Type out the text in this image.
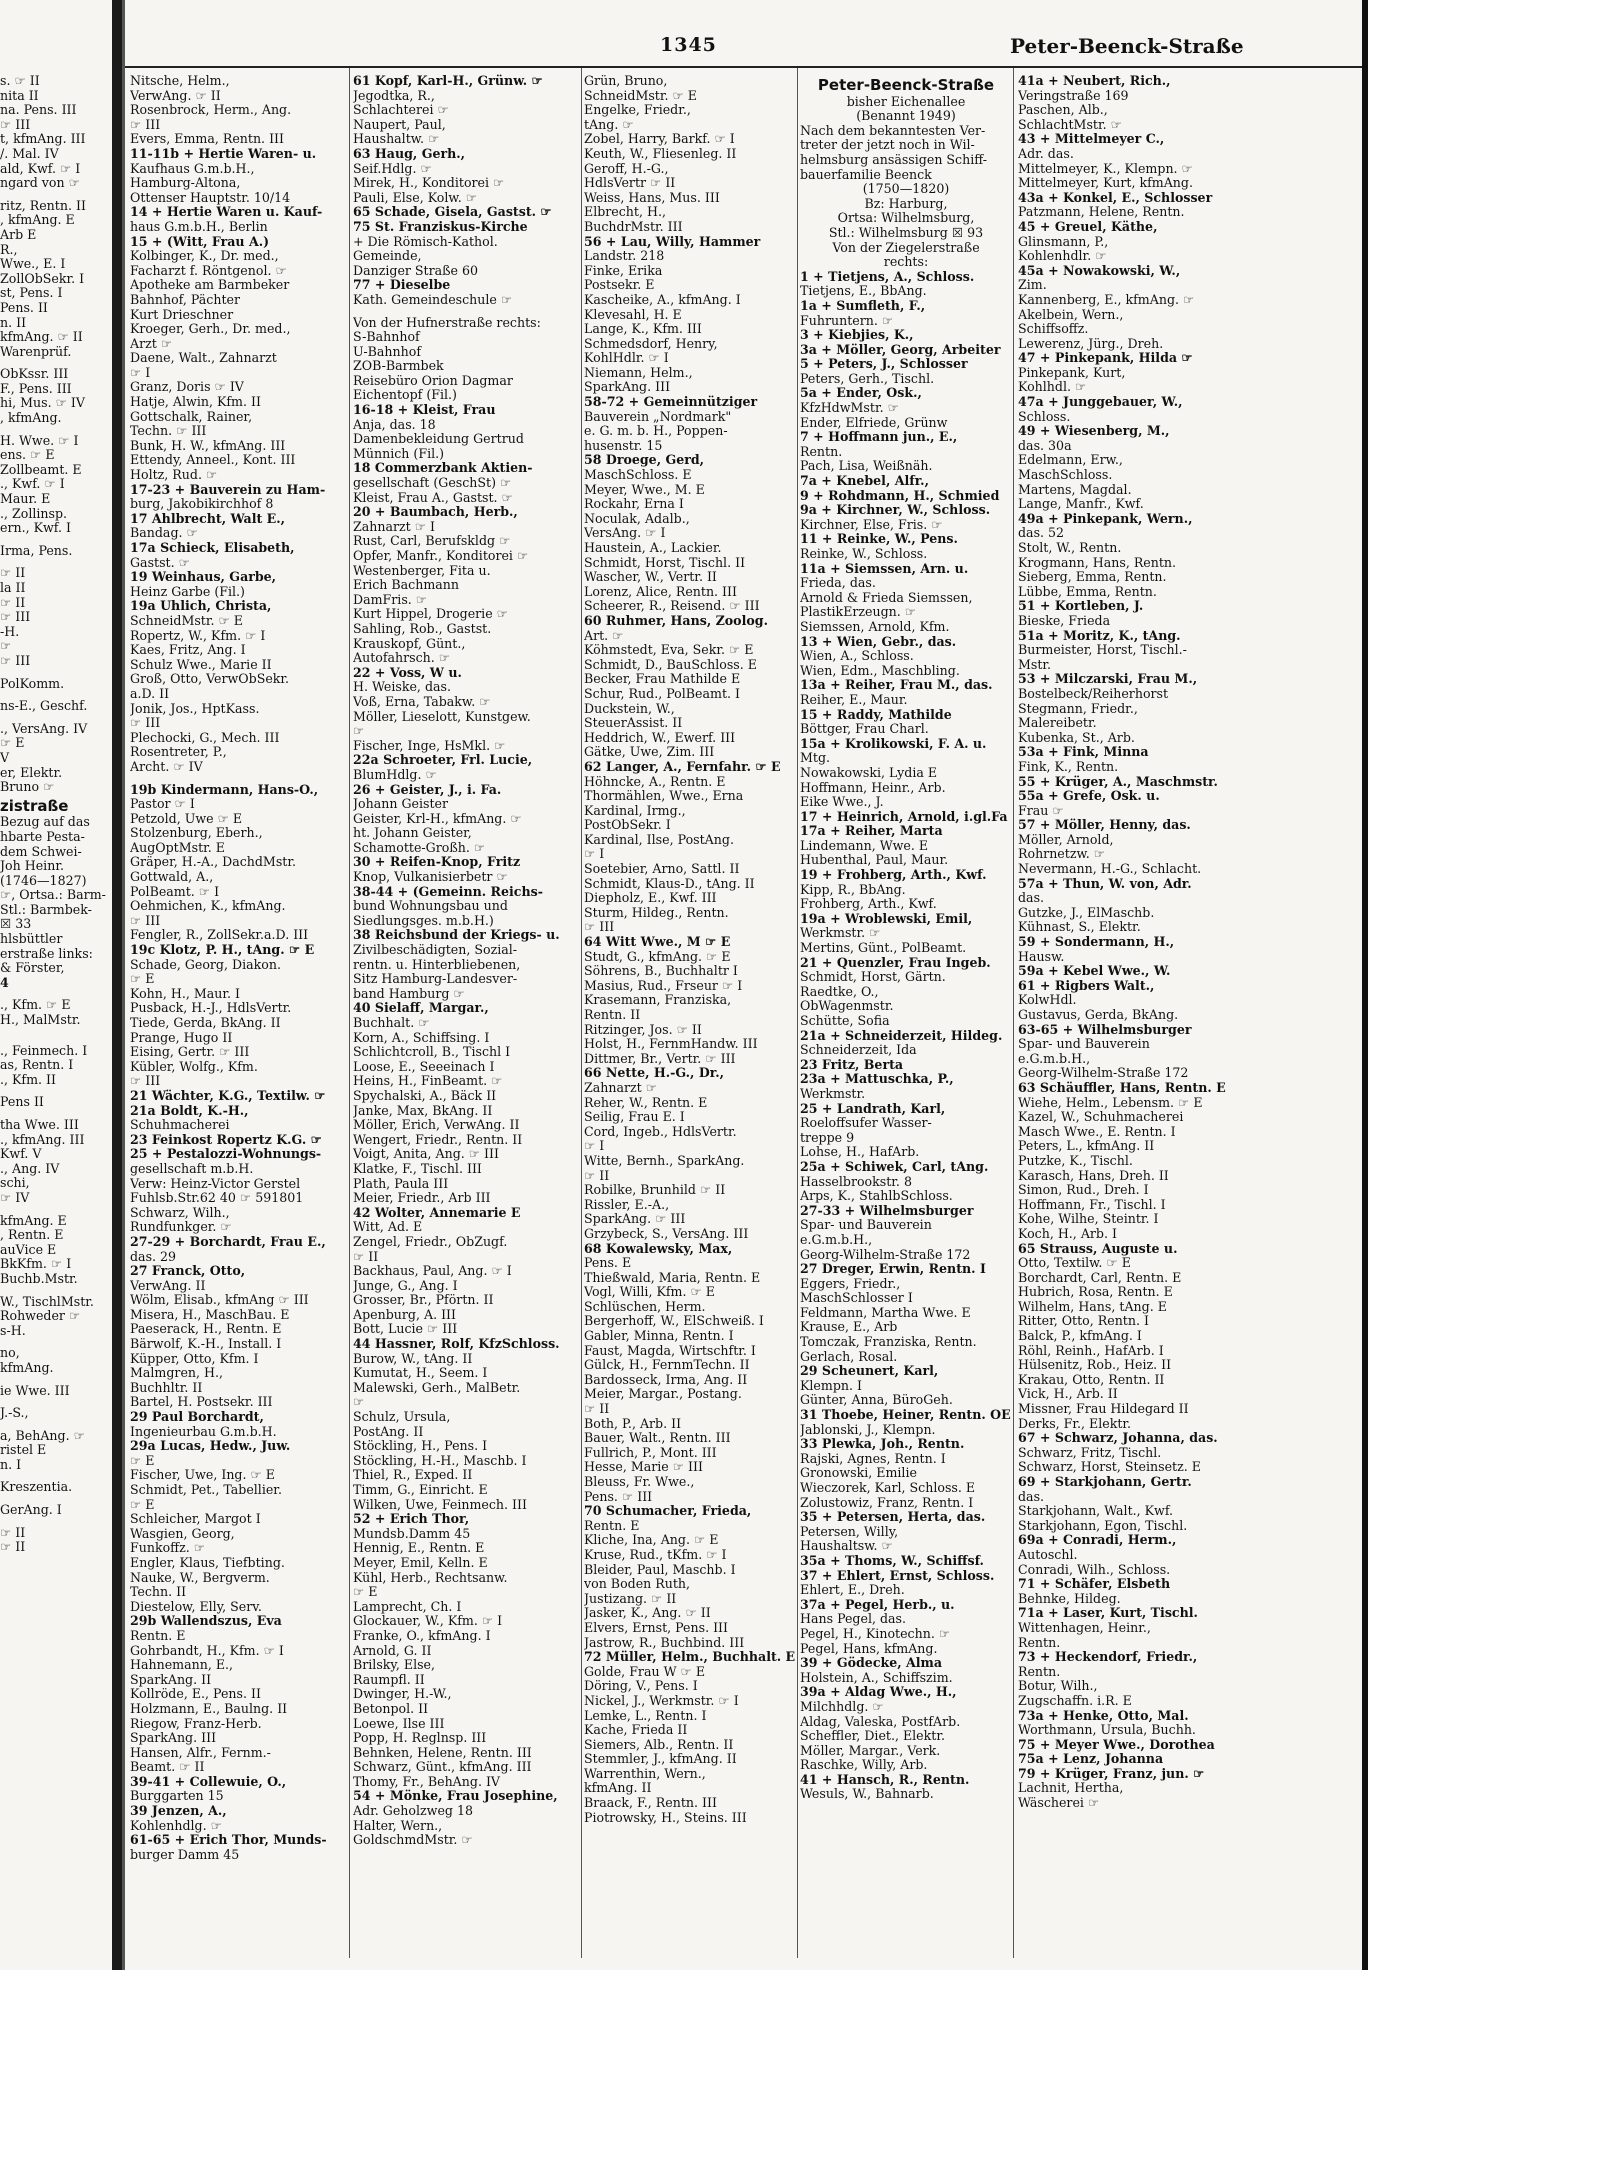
1345	Peter-Beenck-Straße
s. ☞ II
nita II
na. Pens. III
☞ III
t, kfmAng. III
/. Mal. IV
ald, Kwf. ☞ I
ngard von ☞
ritz, Rentn. II
, kfmAng. E
Arb E
R.,
Wwe., E. I
ZollObSekr. I
st, Pens. I
Pens. II
n. II
kfmAng. ☞ II
Warenprüf.
ObKssr. III
F., Pens. III
hi, Mus. ☞ IV
, kfmAng.
H. Wwe. ☞ I
ens. ☞ E
Zollbeamt. E
., Kwf. ☞ I
Maur. E
., Zollinsp.
ern., Kwf. I
Irma, Pens.
☞ II
la II
☞ II
☞ III
-H.
☞
☞ III
PolKomm.
ns-E., Geschf.
., VersAng. IV
☞ E
V
er, Elektr.
Bruno ☞
zistraße
Bezug auf das
hbarte Pesta-
dem Schwei-
Joh Heinr.
(1746—1827)
☞, Ortsa.: Barm-
Stl.: Barmbek-
☒ 33
hlsbüttler
erstraße links:
& Förster,
4
., Kfm. ☞ E
H., MalMstr.
., Feinmech. I
as, Rentn. I
., Kfm. II
Pens II
tha Wwe. III
., kfmAng. III
Kwf. V
., Ang. IV
schi,
☞ IV
kfmAng. E
, Rentn. E
auVice E
BkKfm. ☞ I
Buchb.Mstr.
W., TischlMstr.
Rohweder ☞
s-H.
no,
kfmAng.
ie Wwe. III
J.-S.,
a, BehAng. ☞
ristel E
n. I
Kreszentia.
GerAng. I
☞ II
☞ II
Nitsche, Helm.,
VerwAng. ☞ II
Rosenbrock, Herm., Ang.
☞ III
Evers, Emma, Rentn. III
11-11b + Hertie Waren- u.
Kaufhaus G.m.b.H.,
Hamburg-Altona,
Ottenser Hauptstr. 10/14
14 + Hertie Waren u. Kauf-
haus G.m.b.H., Berlin
15 + (Witt, Frau A.)
Kolbinger, K., Dr. med.,
Facharzt f. Röntgenol. ☞
Apotheke am Barmbeker
Bahnhof, Pächter
Kurt Drieschner
Kroeger, Gerh., Dr. med.,
Arzt ☞
Daene, Walt., Zahnarzt
☞ I
Granz, Doris ☞ IV
Hatje, Alwin, Kfm. II
Gottschalk, Rainer,
Techn. ☞ III
Bunk, H. W., kfmAng. III
Ettendy, Anneel., Kont. III
Holtz, Rud. ☞
17-23 + Bauverein zu Ham-
burg, Jakobikirchhof 8
17 Ahlbrecht, Walt E.,
Bandag. ☞
17a Schieck, Elisabeth,
Gastst. ☞
19 Weinhaus, Garbe,
Heinz Garbe (Fil.)
19a Uhlich, Christa,
SchneidMstr. ☞ E
Ropertz, W., Kfm. ☞ I
Kaes, Fritz, Ang. I
Schulz Wwe., Marie II
Groß, Otto, VerwObSekr.
a.D. II
Jonik, Jos., HptKass.
☞ III
Plechocki, G., Mech. III
Rosentreter, P.,
Archt. ☞ IV
19b Kindermann, Hans-O.,
Pastor ☞ I
Petzold, Uwe ☞ E
Stolzenburg, Eberh.,
AugOptMstr. E
Gräper, H.-A., DachdMstr.
Gottwald, A.,
PolBeamt. ☞ I
Oehmichen, K., kfmAng.
☞ III
Fengler, R., ZollSekr.a.D. III
19c Klotz, P. H., tAng. ☞ E
Schade, Georg, Diakon.
☞ E
Kohn, H., Maur. I
Pusback, H.-J., HdlsVertr.
Tiede, Gerda, BkAng. II
Prange, Hugo II
Eising, Gertr. ☞ III
Kübler, Wolfg., Kfm.
☞ III
21 Wächter, K.G., Textilw. ☞
21a Boldt, K.-H.,
Schuhmacherei
23 Feinkost Ropertz K.G. ☞
25 + Pestalozzi-Wohnungs-
gesellschaft m.b.H.
Verw: Heinz-Victor Gerstel
Fuhlsb.Str.62 40 ☞ 591801
Schwarz, Wilh.,
Rundfunkger. ☞
27-29 + Borchardt, Frau E.,
das. 29
27 Franck, Otto,
VerwAng. II
Wölm, Elisab., kfmAng ☞ III
Misera, H., MaschBau. E
Paeserack, H., Rentn. E
Bärwolf, K.-H., Install. I
Küpper, Otto, Kfm. I
Malmgren, H.,
Buchhltr. II
Bartel, H. Postsekr. III
29 Paul Borchardt,
Ingenieurbau G.m.b.H.
29a Lucas, Hedw., Juw.
☞ E
Fischer, Uwe, Ing. ☞ E
Schmidt, Pet., Tabellier.
☞ E
Schleicher, Margot I
Wasgien, Georg,
Funkoffz. ☞
Engler, Klaus, Tiefbting.
Nauke, W., Bergverm.
Techn. II
Diestelow, Elly, Serv.
29b Wallendszus, Eva
Rentn. E
Gohrbandt, H., Kfm. ☞ I
Hahnemann, E.,
SparkAng. II
Kollröde, E., Pens. II
Holzmann, E., Baulng. II
Riegow, Franz-Herb.
SparkAng. III
Hansen, Alfr., Fernm.-
Beamt. ☞ II
39-41 + Collewuie, O.,
Burggarten 15
39 Jenzen, A.,
Kohlenhdlg. ☞
61-65 + Erich Thor, Munds-
burger Damm 45
61 Kopf, Karl-H., Grünw. ☞
Jegodtka, R.,
Schlachterei ☞
Naupert, Paul,
Haushaltw. ☞
63 Haug, Gerh.,
Seif.Hdlg. ☞
Mirek, H., Konditorei ☞
Pauli, Else, Kolw. ☞
65 Schade, Gisela, Gastst. ☞
75 St. Franziskus-Kirche
+ Die Römisch-Kathol.
Gemeinde,
Danziger Straße 60
77 + Dieselbe
Kath. Gemeindeschule ☞
Von der Hufnerstraße rechts:
S-Bahnhof
U-Bahnhof
ZOB-Barmbek
Reisebüro Orion Dagmar
Eichentopf (Fil.)
16-18 + Kleist, Frau
Anja, das. 18
Damenbekleidung Gertrud
Münnich (Fil.)
18 Commerzbank Aktien-
gesellschaft (GeschSt) ☞
Kleist, Frau A., Gastst. ☞
20 + Baumbach, Herb.,
Zahnarzt ☞ I
Rust, Carl, Berufskldg ☞
Opfer, Manfr., Konditorei ☞
Westenberger, Fita u.
Erich Bachmann
DamFris. ☞
Kurt Hippel, Drogerie ☞
Sahling, Rob., Gastst.
Krauskopf, Günt.,
Autofahrsch. ☞
22 + Voss, W u.
H. Weiske, das.
Voß, Erna, Tabakw. ☞
Möller, Lieselott, Kunstgew.
☞
Fischer, Inge, HsMkl. ☞
22a Schroeter, Frl. Lucie,
BlumHdlg. ☞
26 + Geister, J., i. Fa.
Johann Geister
Geister, Krl-H., kfmAng. ☞
ht. Johann Geister,
Schamotte-Großh. ☞
30 + Reifen-Knop, Fritz
Knop, Vulkanisierbetr ☞
38-44 + (Gemeinn. Reichs-
bund Wohnungsbau und
Siedlungsges. m.b.H.)
38 Reichsbund der Kriegs- u.
Zivilbeschädigten, Sozial-
rentn. u. Hinterbliebenen,
Sitz Hamburg-Landesver-
band Hamburg ☞
40 Sielaff, Margar.,
Buchhalt. ☞
Korn, A., Schiffsing. I
Schlichtcroll, B., Tischl I
Loose, E., Seeeinach I
Heins, H., FinBeamt. ☞
Spychalski, A., Bäck II
Janke, Max, BkAng. II
Möller, Erich, VerwAng. II
Wengert, Friedr., Rentn. II
Voigt, Anita, Ang. ☞ III
Klatke, F., Tischl. III
Plath, Paula III
Meier, Friedr., Arb III
42 Wolter, Annemarie E
Witt, Ad. E
Zengel, Friedr., ObZugf.
☞ II
Backhaus, Paul, Ang. ☞ I
Junge, G., Ang. I
Grosser, Br., Pförtn. II
Apenburg, A. III
Bott, Lucie ☞ III
44 Hassner, Rolf, KfzSchloss.
Burow, W., tAng. II
Kumutat, H., Seem. I
Malewski, Gerh., MalBetr.
☞
Schulz, Ursula,
PostAng. II
Stöckling, H., Pens. I
Stöckling, H.-H., Maschb. I
Thiel, R., Exped. II
Timm, G., Einricht. E
Wilken, Uwe, Feinmech. III
52 + Erich Thor,
Mundsb.Damm 45
Hennig, E., Rentn. E
Meyer, Emil, Kelln. E
Kühl, Herb., Rechtsanw.
☞ E
Lamprecht, Ch. I
Glockauer, W., Kfm. ☞ I
Franke, O., kfmAng. I
Arnold, G. II
Brilsky, Else,
Raumpfl. II
Dwinger, H.-W.,
Betonpol. II
Loewe, Ilse III
Popp, H. Reglnsp. III
Behnken, Helene, Rentn. III
Schwarz, Günt., kfmAng. III
Thomy, Fr., BehAng. IV
54 + Mönke, Frau Josephine,
Adr. Geholzweg 18
Halter, Wern.,
GoldschmdMstr. ☞
Grün, Bruno,
SchneidMstr. ☞ E
Engelke, Friedr.,
tAng. ☞
Zobel, Harry, Barkf. ☞ I
Keuth, W., Fliesenleg. II
Geroff, H.-G.,
HdlsVertr ☞ II
Weiss, Hans, Mus. III
Elbrecht, H.,
BuchdrMstr. III
56 + Lau, Willy, Hammer
Landstr. 218
Finke, Erika
Postsekr. E
Kascheike, A., kfmAng. I
Klevesahl, H. E
Lange, K., Kfm. III
Schmedsdorf, Henry,
KohlHdlr. ☞ I
Niemann, Helm.,
SparkAng. III
58-72 + Gemeinnütziger
Bauverein „Nordmark"
e. G. m. b. H., Poppen-
husenstr. 15
58 Droege, Gerd,
MaschSchloss. E
Meyer, Wwe., M. E
Rockahr, Erna I
Noculak, Adalb.,
VersAng. ☞ I
Haustein, A., Lackier.
Schmidt, Horst, Tischl. II
Wascher, W., Vertr. II
Lorenz, Alice, Rentn. III
Scheerer, R., Reisend. ☞ III
60 Ruhmer, Hans, Zoolog.
Art. ☞
Köhmstedt, Eva, Sekr. ☞ E
Schmidt, D., BauSchloss. E
Becker, Frau Mathilde E
Schur, Rud., PolBeamt. I
Duckstein, W.,
SteuerAssist. II
Heddrich, W., Ewerf. III
Gätke, Uwe, Zim. III
62 Langer, A., Fernfahr. ☞ E
Höhncke, A., Rentn. E
Thormählen, Wwe., Erna
Kardinal, Irmg.,
PostObSekr. I
Kardinal, Ilse, PostAng.
☞ I
Soetebier, Arno, Sattl. II
Schmidt, Klaus-D., tAng. II
Diepholz, E., Kwf. III
Sturm, Hildeg., Rentn.
☞ III
64 Witt Wwe., M ☞ E
Studt, G., kfmAng. ☞ E
Söhrens, B., Buchhaltr I
Masius, Rud., Frseur ☞ I
Krasemann, Franziska,
Rentn. II
Ritzinger, Jos. ☞ II
Holst, H., FernmHandw. III
Dittmer, Br., Vertr. ☞ III
66 Nette, H.-G., Dr.,
Zahnarzt ☞
Reher, W., Rentn. E
Seilig, Frau E. I
Cord, Ingeb., HdlsVertr.
☞ I
Witte, Bernh., SparkAng.
☞ II
Robilke, Brunhild ☞ II
Rissler, E.-A.,
SparkAng. ☞ III
Grzybeck, S., VersAng. III
68 Kowalewsky, Max,
Pens. E
Thießwald, Maria, Rentn. E
Vogl, Willi, Kfm. ☞ E
Schlüschen, Herm.
Bergerhoff, W., ElSchweiß. I
Gabler, Minna, Rentn. I
Faust, Magda, Wirtschftr. I
Gülck, H., FernmTechn. II
Bardosseck, Irma, Ang. II
Meier, Margar., Postang.
☞ II
Both, P., Arb. II
Bauer, Walt., Rentn. III
Fullrich, P., Mont. III
Hesse, Marie ☞ III
Bleuss, Fr. Wwe.,
Pens. ☞ III
70 Schumacher, Frieda,
Rentn. E
Kliche, Ina, Ang. ☞ E
Kruse, Rud., tKfm. ☞ I
Bleider, Paul, Maschb. I
von Boden Ruth,
Justizang. ☞ II
Jasker, K., Ang. ☞ II
Elvers, Ernst, Pens. III
Jastrow, R., Buchbind. III
72 Müller, Helm., Buchhalt. E
Golde, Frau W ☞ E
Döring, V., Pens. I
Nickel, J., Werkmstr. ☞ I
Lemke, L., Rentn. I
Kache, Frieda II
Siemers, Alb., Rentn. II
Stemmler, J., kfmAng. II
Warrenthin, Wern.,
kfmAng. II
Braack, F., Rentn. III
Piotrowsky, H., Steins. III
Peter-Beenck-Straße
bisher Eichenallee
(Benannt 1949)
Nach dem bekanntesten Ver-
treter der jetzt noch in Wil-
helmsburg ansässigen Schiff-
bauerfamilie Beenck
(1750—1820)
Bz: Harburg,
Ortsa: Wilhelmsburg,
Stl.: Wilhelmsburg ☒ 93
Von der Ziegelerstraße
rechts:
1 + Tietjens, A., Schloss.
Tietjens, E., BbAng.
1a + Sumfleth, F.,
Fuhruntern. ☞
3 + Kiebjies, K.,
3a + Möller, Georg, Arbeiter
5 + Peters, J., Schlosser
Peters, Gerh., Tischl.
5a + Ender, Osk.,
KfzHdwMstr. ☞
Ender, Elfriede, Grünw
7 + Hoffmann jun., E.,
Rentn.
Pach, Lisa, Weißnäh.
7a + Knebel, Alfr.,
9 + Rohdmann, H., Schmied
9a + Kirchner, W., Schloss.
Kirchner, Else, Fris. ☞
11 + Reinke, W., Pens.
Reinke, W., Schloss.
11a + Siemssen, Arn. u.
Frieda, das.
Arnold & Frieda Siemssen,
PlastikErzeugn. ☞
Siemssen, Arnold, Kfm.
13 + Wien, Gebr., das.
Wien, A., Schloss.
Wien, Edm., Maschbling.
13a + Reiher, Frau M., das.
Reiher, E., Maur.
15 + Raddy, Mathilde
Böttger, Frau Charl.
15a + Krolikowski, F. A. u.
Mtg.
Nowakowski, Lydia E
Hoffmann, Heinr., Arb.
Eike Wwe., J.
17 + Heinrich, Arnold, i.gl.Fa
17a + Reiher, Marta
Lindemann, Wwe. E
Hubenthal, Paul, Maur.
19 + Frohberg, Arth., Kwf.
Kipp, R., BbAng.
Frohberg, Arth., Kwf.
19a + Wroblewski, Emil,
Werkmstr. ☞
Mertins, Günt., PolBeamt.
21 + Quenzler, Frau Ingeb.
Schmidt, Horst, Gärtn.
Raedtke, O.,
ObWagenmstr.
Schütte, Sofia
21a + Schneiderzeit, Hildeg.
Schneiderzeit, Ida
23 Fritz, Berta
23a + Mattuschka, P.,
Werkmstr.
25 + Landrath, Karl,
Roeloffsufer Wasser-
treppe 9
Lohse, H., HafArb.
25a + Schiwek, Carl, tAng.
Hasselbrookstr. 8
Arps, K., StahlbSchloss.
27-33 + Wilhelmsburger
Spar- und Bauverein
e.G.m.b.H.,
Georg-Wilhelm-Straße 172
27 Dreger, Erwin, Rentn. I
Eggers, Friedr.,
MaschSchlosser I
Feldmann, Martha Wwe. E
Krause, E., Arb
Tomczak, Franziska, Rentn.
Gerlach, Rosal.
29 Scheunert, Karl,
Klempn. I
Günter, Anna, BüroGeh.
31 Thoebe, Heiner, Rentn. OE
Jablonski, J., Klempn.
33 Plewka, Joh., Rentn.
Rajski, Agnes, Rentn. I
Gronowski, Emilie
Wieczorek, Karl, Schloss. E
Zolustowiz, Franz, Rentn. I
35 + Petersen, Herta, das.
Petersen, Willy,
Haushaltsw. ☞
35a + Thoms, W., Schiffsf.
37 + Ehlert, Ernst, Schloss.
Ehlert, E., Dreh.
37a + Pegel, Herb., u.
Hans Pegel, das.
Pegel, H., Kinotechn. ☞
Pegel, Hans, kfmAng.
39 + Gödecke, Alma
Holstein, A., Schiffszim.
39a + Aldag Wwe., H.,
Milchhdlg. ☞
Aldag, Valeska, PostfArb.
Scheffler, Diet., Elektr.
Möller, Margar., Verk.
Raschke, Willy, Arb.
41 + Hansch, R., Rentn.
Wesuls, W., Bahnarb.
41a + Neubert, Rich.,
Veringstraße 169
Paschen, Alb.,
SchlachtMstr. ☞
43 + Mittelmeyer C.,
Adr. das.
Mittelmeyer, K., Klempn. ☞
Mittelmeyer, Kurt, kfmAng.
43a + Konkel, E., Schlosser
Patzmann, Helene, Rentn.
45 + Greuel, Käthe,
Glinsmann, P.,
Kohlenhdlr. ☞
45a + Nowakowski, W.,
Zim.
Kannenberg, E., kfmAng. ☞
Akelbein, Wern.,
Schiffsoffz.
Lewerenz, Jürg., Dreh.
47 + Pinkepank, Hilda ☞
Pinkepank, Kurt,
Kohlhdl. ☞
47a + Junggebauer, W.,
Schloss.
49 + Wiesenberg, M.,
das. 30a
Edelmann, Erw.,
MaschSchloss.
Martens, Magdal.
Lange, Manfr., Kwf.
49a + Pinkepank, Wern.,
das. 52
Stolt, W., Rentn.
Krogmann, Hans, Rentn.
Sieberg, Emma, Rentn.
Lübbe, Emma, Rentn.
51 + Kortleben, J.
Bieske, Frieda
51a + Moritz, K., tAng.
Burmeister, Horst, Tischl.-
Mstr.
53 + Milczarski, Frau M.,
Bostelbeck/Reiherhorst
Stegmann, Friedr.,
Malereibetr.
Kubenka, St., Arb.
53a + Fink, Minna
Fink, K., Rentn.
55 + Krüger, A., Maschmstr.
55a + Grefe, Osk. u.
Frau ☞
57 + Möller, Henny, das.
Möller, Arnold,
Rohrnetzw. ☞
Nevermann, H.-G., Schlacht.
57a + Thun, W. von, Adr.
das.
Gutzke, J., ElMaschb.
Kühnast, S., Elektr.
59 + Sondermann, H.,
Hausw.
59a + Kebel Wwe., W.
61 + Rigbers Walt.,
KolwHdl.
Gustavus, Gerda, BkAng.
63-65 + Wilhelmsburger
Spar- und Bauverein
e.G.m.b.H.,
Georg-Wilhelm-Straße 172
63 Schäuffler, Hans, Rentn. E
Wiehe, Helm., Lebensm. ☞ E
Kazel, W., Schuhmacherei
Masch Wwe., E. Rentn. I
Peters, L., kfmAng. II
Putzke, K., Tischl.
Karasch, Hans, Dreh. II
Simon, Rud., Dreh. I
Hoffmann, Fr., Tischl. I
Kohe, Wilhe, Steintr. I
Koch, H., Arb. I
65 Strauss, Auguste u.
Otto, Textilw. ☞ E
Borchardt, Carl, Rentn. E
Hubrich, Rosa, Rentn. E
Wilhelm, Hans, tAng. E
Ritter, Otto, Rentn. I
Balck, P., kfmAng. I
Röhl, Reinh., HafArb. I
Hülsenitz, Rob., Heiz. II
Krakau, Otto, Rentn. II
Vick, H., Arb. II
Missner, Frau Hildegard II
Derks, Fr., Elektr.
67 + Schwarz, Johanna, das.
Schwarz, Fritz, Tischl.
Schwarz, Horst, Steinsetz. E
69 + Starkjohann, Gertr.
das.
Starkjohann, Walt., Kwf.
Starkjohann, Egon, Tischl.
69a + Conradi, Herm.,
Autoschl.
Conradi, Wilh., Schloss.
71 + Schäfer, Elsbeth
Behnke, Hildeg.
71a + Laser, Kurt, Tischl.
Wittenhagen, Heinr.,
Rentn.
73 + Heckendorf, Friedr.,
Rentn.
Botur, Wilh.,
Zugschaffn. i.R. E
73a + Henke, Otto, Mal.
Worthmann, Ursula, Buchh.
75 + Meyer Wwe., Dorothea
75a + Lenz, Johanna
79 + Krüger, Franz, jun. ☞
Lachnit, Hertha,
Wäscherei ☞
